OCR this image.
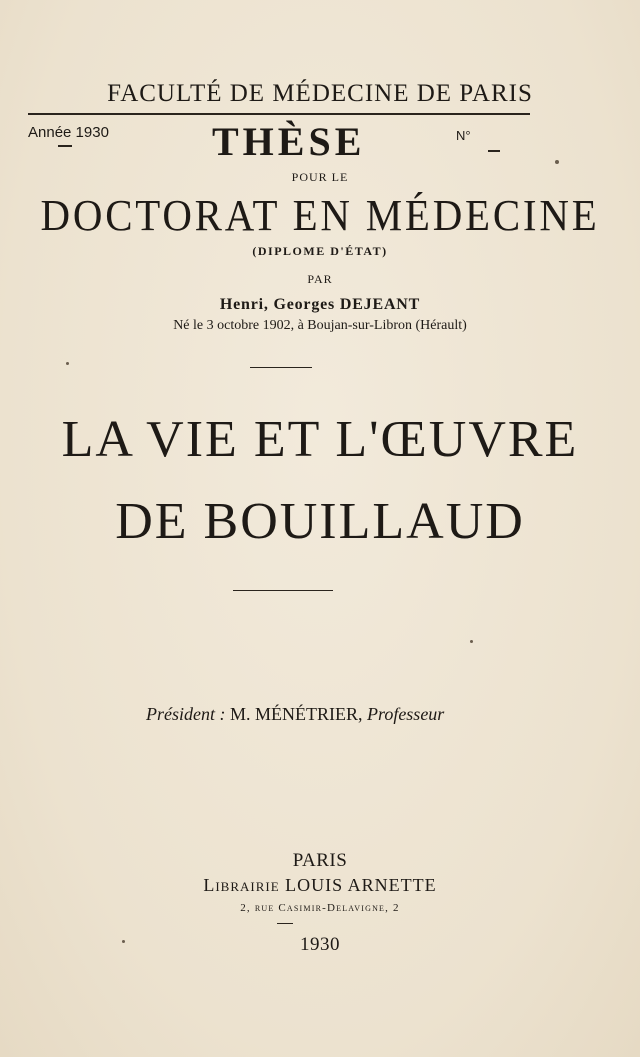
FACULTÉ DE MÉDECINE DE PARIS
Année 1930	THÈSE	N°
POUR LE
DOCTORAT EN MÉDECINE
(DIPLOME D'ÉTAT)
PAR
Henri, Georges DEJEANT
Né le 3 octobre 1902, à Boujan-sur-Libron (Hérault)
LA VIE ET L'ŒUVRE
DE BOUILLAUD
Président : M. MÉNÉTRIER, Professeur
PARIS
Librairie LOUIS ARNETTE
2, rue Casimir-Delavigne, 2
1930
